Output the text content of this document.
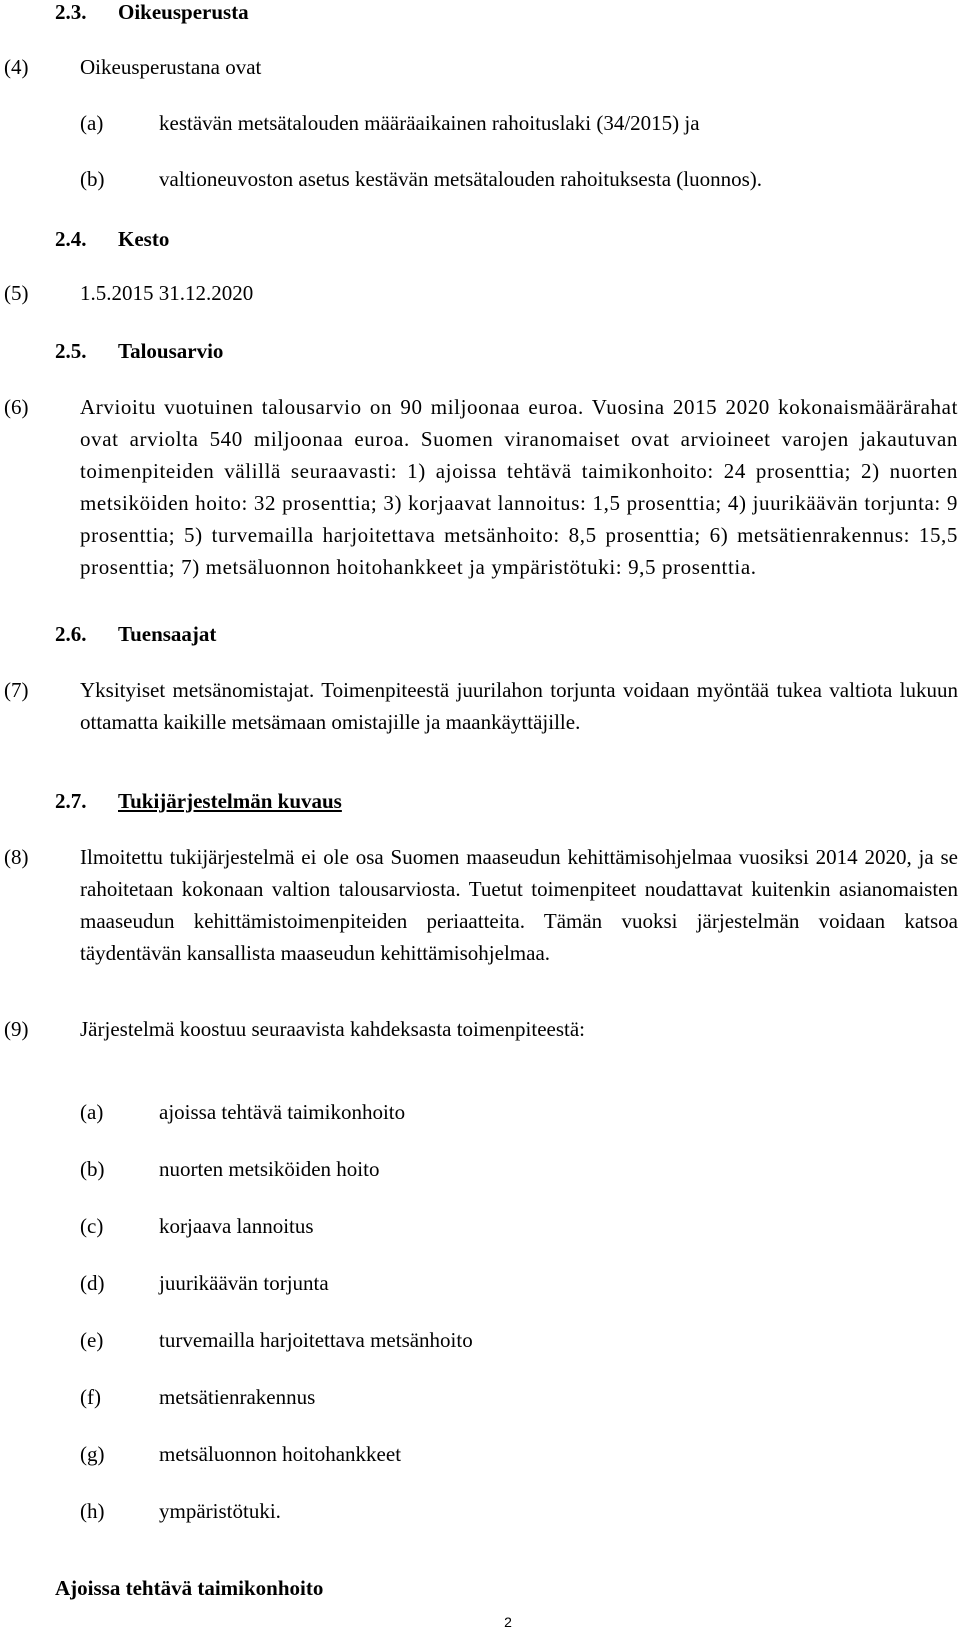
2.3. Oikeusperusta
(4) Oikeusperustana ovat
(a)	kestävän metsätalouden määräaikainen rahoituslaki (34/2015) ja
(b)	valtioneuvoston asetus kestävän metsätalouden rahoituksesta (luonnos).
2.4. Kesto
(5) 1.5.2015 31.12.2020
2.5. Talousarvio
(6) Arvioitu vuotuinen talousarvio on 90 miljoonaa euroa. Vuosina 2015 2020 kokonaismäärärahat ovat arviolta 540 miljoonaa euroa. Suomen viranomaiset ovat arvioineet varojen jakautuvan toimenpiteiden välillä seuraavasti: 1) ajoissa tehtävä taimikonhoito: 24 prosenttia; 2) nuorten metsiköiden hoito: 32 prosenttia; 3) korjaavat lannoitus: 1,5 prosenttia; 4) juurikäävän torjunta: 9 prosenttia; 5) turvemailla harjoitettava metsänhoito: 8,5 prosenttia; 6) metsätienrakennus: 15,5 prosenttia; 7) metsäluonnon hoitohankkeet ja ympäristötuki: 9,5 prosenttia.
2.6. Tuensaajat
(7) Yksityiset metsänomistajat. Toimenpiteestä juurilahon torjunta voidaan myöntää tukea valtiota lukuun ottamatta kaikille metsämaan omistajille ja maankäyttäjille.
2.7. Tukijärjestelmän kuvaus
(8) Ilmoitettu tukijärjestelmä ei ole osa Suomen maaseudun kehittämisohjelmaa vuosiksi 2014 2020, ja se rahoitetaan kokonaan valtion talousarviosta. Tuetut toimenpiteet noudattavat kuitenkin asianomaisten maaseudun kehittämistoimenpiteiden periaatteita. Tämän vuoksi järjestelmän voidaan katsoa täydentävän kansallista maaseudun kehittämisohjelmaa.
(9) Järjestelmä koostuu seuraavista kahdeksasta toimenpiteestä:
(a)	ajoissa tehtävä taimikonhoito
(b)	nuorten metsiköiden hoito
(c)	korjaava lannoitus
(d)	juurikäävän torjunta
(e)	turvemailla harjoitettava metsänhoito
(f)	metsätienrakennus
(g)	metsäluonnon hoitohankkeet
(h)	ympäristötuki.
Ajoissa tehtävä taimikonhoito
2
